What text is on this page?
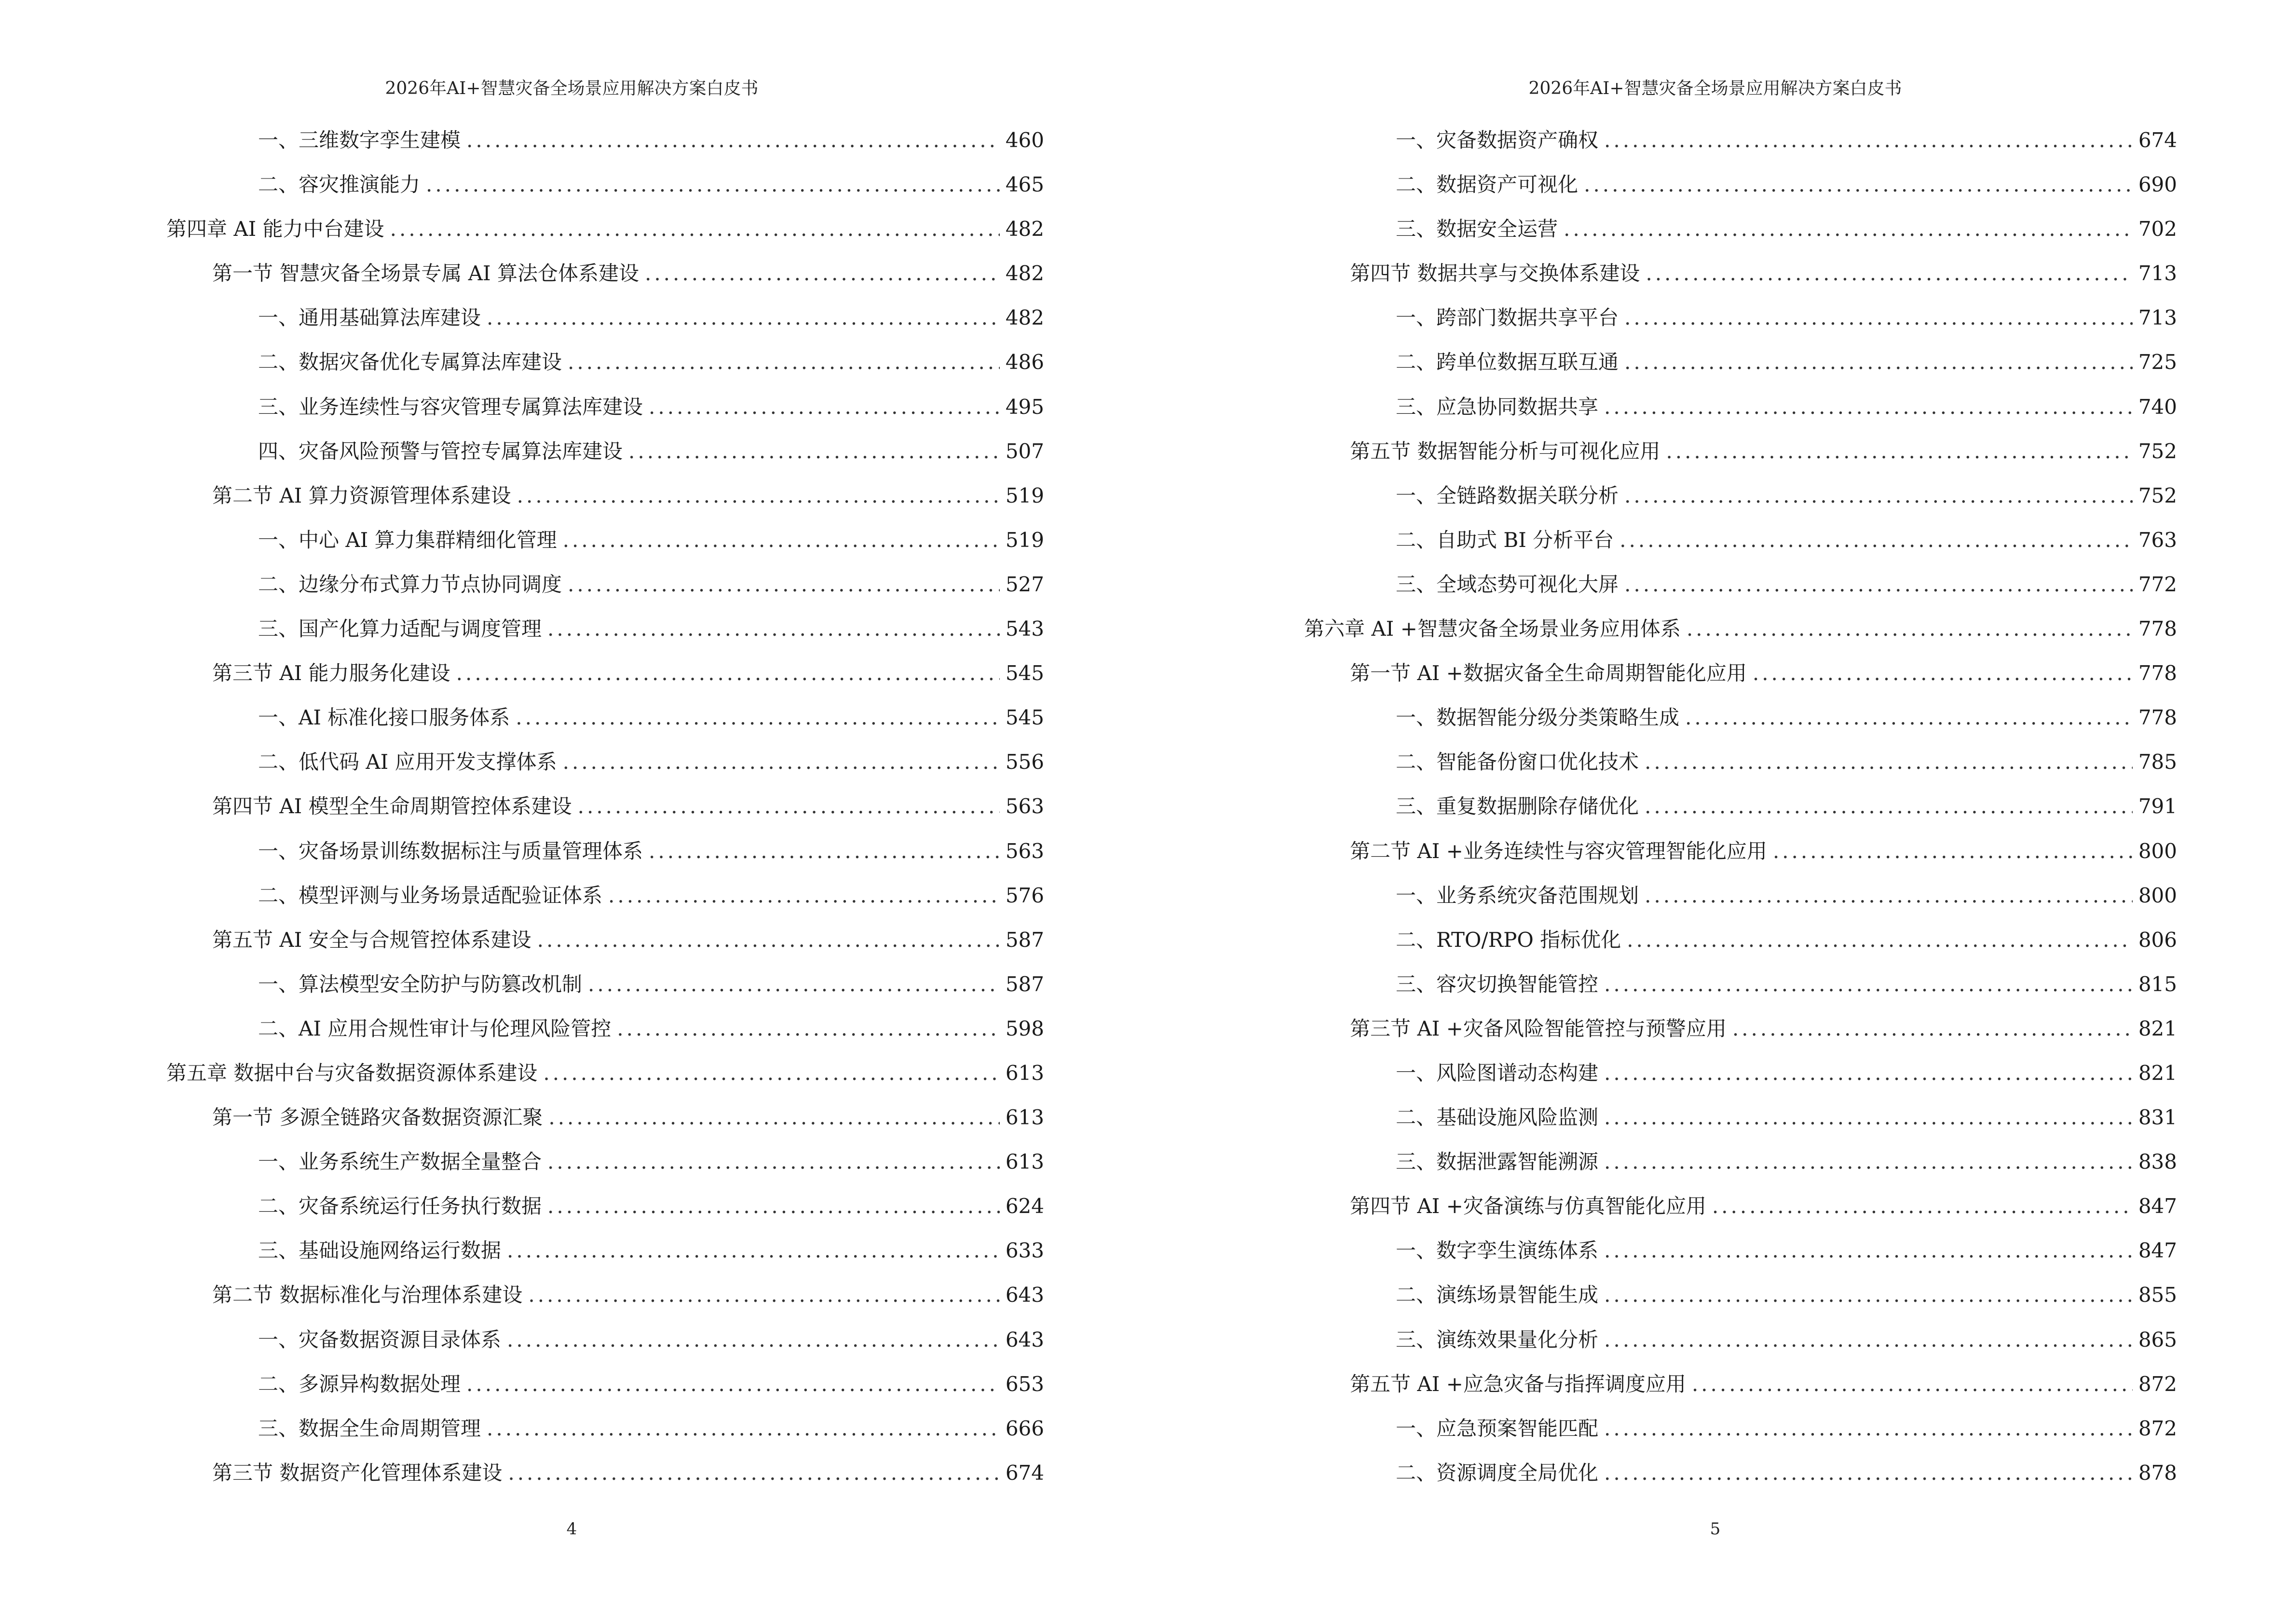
2026年AI+智慧灾备全场景应用解决方案白皮书
一、三维数字孪生建模 .....	460
二、容灾推演能力 .....	465
第四章 AI 能力中台建设 .....	482
第一节 智慧灾备全场景专属 AI 算法仓体系建设 .....	482
一、通用基础算法库建设 .....	482
二、数据灾备优化专属算法库建设 .....	486
三、业务连续性与容灾管理专属算法库建设 .....	495
四、灾备风险预警与管控专属算法库建设 .....	507
第二节 AI 算力资源管理体系建设 .....	519
一、中心 AI 算力集群精细化管理 .....	519
二、边缘分布式算力节点协同调度 .....	527
三、国产化算力适配与调度管理 .....	543
第三节 AI 能力服务化建设 .....	545
一、AI 标准化接口服务体系 .....	545
二、低代码 AI 应用开发支撑体系 .....	556
第四节 AI 模型全生命周期管控体系建设 .....	563
一、灾备场景训练数据标注与质量管理体系 .....	563
二、模型评测与业务场景适配验证体系 .....	576
第五节 AI 安全与合规管控体系建设 .....	587
一、算法模型安全防护与防篡改机制 .....	587
二、AI 应用合规性审计与伦理风险管控 .....	598
第五章 数据中台与灾备数据资源体系建设 .....	613
第一节 多源全链路灾备数据资源汇聚 .....	613
一、业务系统生产数据全量整合 .....	613
二、灾备系统运行任务执行数据 .....	624
三、基础设施网络运行数据 .....	633
第二节 数据标准化与治理体系建设 .....	643
一、灾备数据资源目录体系 .....	643
二、多源异构数据处理 .....	653
三、数据全生命周期管理 .....	666
第三节 数据资产化管理体系建设 .....	674
4
2026年AI+智慧灾备全场景应用解决方案白皮书
一、灾备数据资产确权 .....	674
二、数据资产可视化 .....	690
三、数据安全运营 .....	702
第四节 数据共享与交换体系建设 .....	713
一、跨部门数据共享平台 .....	713
二、跨单位数据互联互通 .....	725
三、应急协同数据共享 .....	740
第五节 数据智能分析与可视化应用 .....	752
一、全链路数据关联分析 .....	752
二、自助式 BI 分析平台 .....	763
三、全域态势可视化大屏 .....	772
第六章 AI +智慧灾备全场景业务应用体系 .....	778
第一节 AI +数据灾备全生命周期智能化应用 .....	778
一、数据智能分级分类策略生成 .....	778
二、智能备份窗口优化技术 .....	785
三、重复数据删除存储优化 .....	791
第二节 AI +业务连续性与容灾管理智能化应用 .....	800
一、业务系统灾备范围规划 .....	800
二、RTO/RPO 指标优化 .....	806
三、容灾切换智能管控 .....	815
第三节 AI +灾备风险智能管控与预警应用 .....	821
一、风险图谱动态构建 .....	821
二、基础设施风险监测 .....	831
三、数据泄露智能溯源 .....	838
第四节 AI +灾备演练与仿真智能化应用 .....	847
一、数字孪生演练体系 .....	847
二、演练场景智能生成 .....	855
三、演练效果量化分析 .....	865
第五节 AI +应急灾备与指挥调度应用 .....	872
一、应急预案智能匹配 .....	872
二、资源调度全局优化 .....	878
5
